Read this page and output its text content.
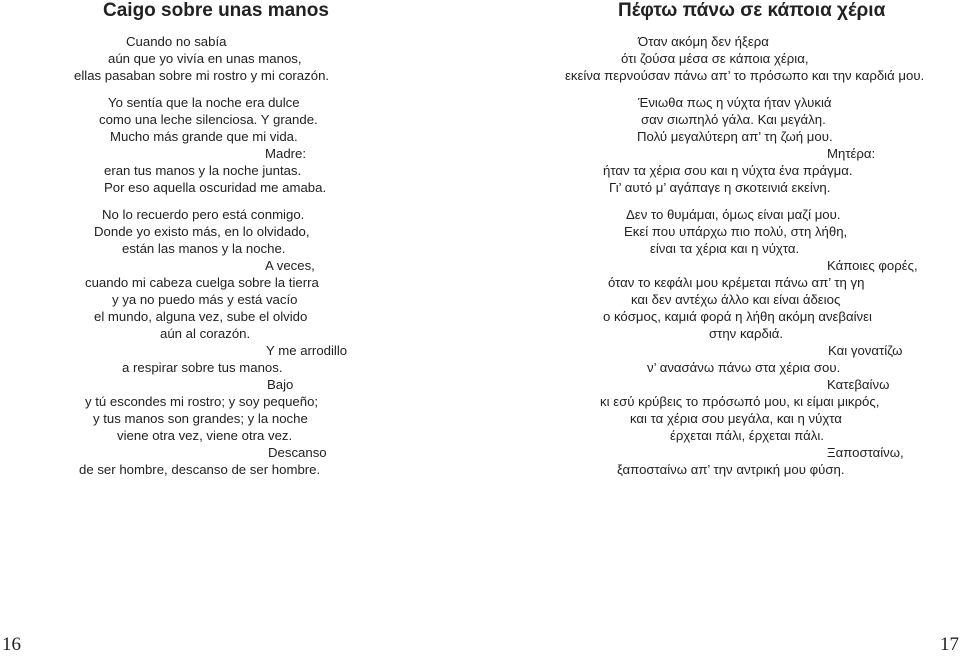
Caigo sobre unas manos
Cuando no sabía
aún que yo vivía en unas manos,
ellas pasaban sobre mi rostro y mi corazón.
Yo sentía que la noche era dulce
como una leche silenciosa. Y grande.
Mucho más grande que mi vida.
Madre:
eran tus manos y la noche juntas.
Por eso aquella oscuridad me amaba.
No lo recuerdo pero está conmigo.
Donde yo existo más, en lo olvidado,
están las manos y la noche.
A veces,
cuando mi cabeza cuelga sobre la tierra
y ya no puedo más y está vacío
el mundo, alguna vez, sube el olvido
aún al corazón.
Y me arrodillo
a respirar sobre tus manos.
Bajo
y tú escondes mi rostro; y soy pequeño;
y tus manos son grandes; y la noche
viene otra vez, viene otra vez.
Descanso
de ser hombre, descanso de ser hombre.
16
Πέφτω πάνω σε κάποια χέρια
Όταν ακόμη δεν ήξερα
ότι ζούσα μέσα σε κάποια χέρια,
εκείνα περνούσαν πάνω απ’ το πρόσωπο και την καρδιά μου.
Ένιωθα πως η νύχτα ήταν γλυκιά
σαν σιωπηλό γάλα. Και μεγάλη.
Πολύ μεγαλύτερη απ’ τη ζωή μου.
Μητέρα:
ήταν τα χέρια σου και η νύχτα ένα πράγμα.
Γι’ αυτό μ’ αγάπαγε η σκοτεινιά εκείνη.
Δεν το θυμάμαι, όμως είναι μαζί μου.
Εκεί που υπάρχω πιο πολύ, στη λήθη,
είναι τα χέρια και η νύχτα.
Κάποιες φορές,
όταν το κεφάλι μου κρέμεται πάνω απ’ τη γη
και δεν αντέχω άλλο και είναι άδειος
ο κόσμος, καμιά φορά η λήθη ακόμη ανεβαίνει
στην καρδιά.
Και γονατίζω
ν’ ανασάνω πάνω στα χέρια σου.
Κατεβαίνω
κι εσύ κρύβεις το πρόσωπό μου, κι είμαι μικρός,
και τα χέρια σου μεγάλα, και η νύχτα
έρχεται πάλι, έρχεται πάλι.
Ξαποσταίνω,
ξαποσταίνω απ’ την αντρική μου φύση.
17
